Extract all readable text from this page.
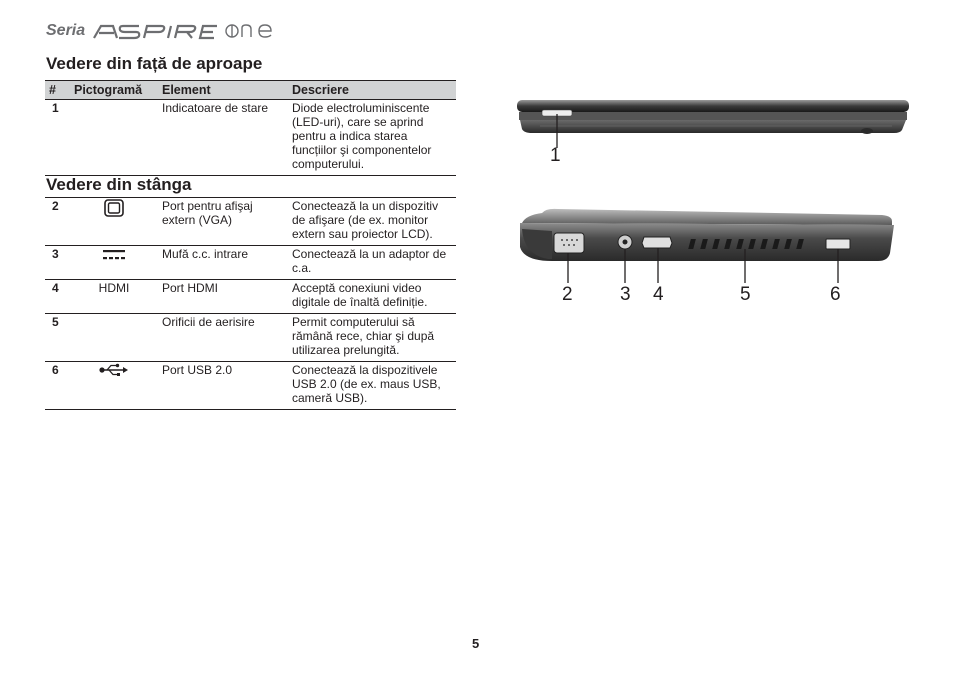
Seria
Vedere din față de aproape
#	Pictogramă	Element	Descriere
1		Indicatoare de stare	Diode electroluminiscente (LED-uri), care se aprind pentru a indica starea funcțiilor şi componentelor computerului.
Vedere din stânga
2		Port pentru afişaj extern (VGA)	Conectează la un dispozitiv de afişare (de ex. monitor extern sau proiector LCD).
3		Mufă c.c. intrare	Conectează la un adaptor de c.a.
4	HDMI	Port HDMI	Acceptă conexiuni video digitale de înaltă definiție.
5		Orificii de aerisire	Permit computerului să rămână rece, chiar şi după utilizarea prelungită.
6		Port USB 2.0	Conectează la dispozitivele USB 2.0 (de ex. maus USB, cameră USB).
1
2 3 4	5	6
5
